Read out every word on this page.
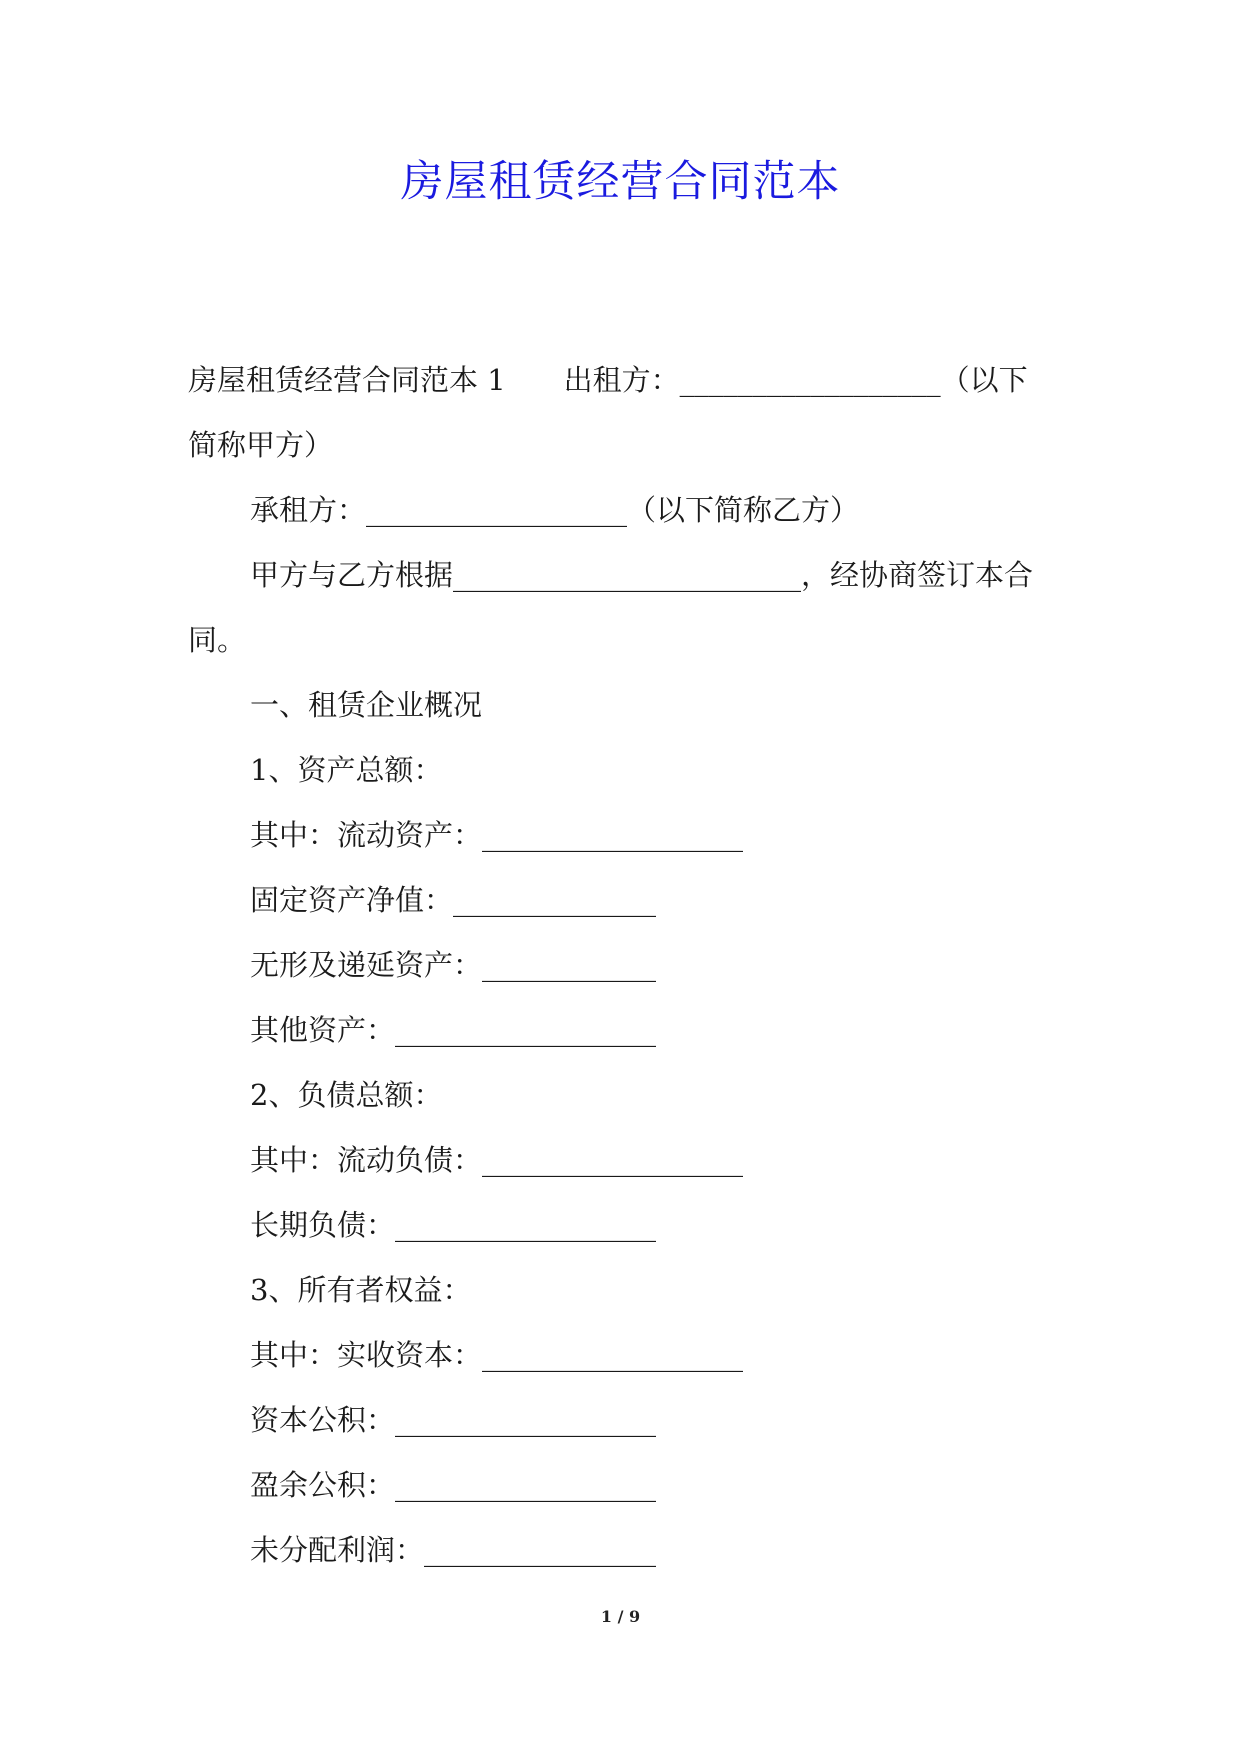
房屋租赁经营合同范本

房屋租赁经营合同范本 1　　出租方：__________________（以下简称甲方）

承租方：__________________（以下简称乙方）

甲方与乙方根据________________________，经协商签订本合同。

一、租赁企业概况

1、资产总额：

其中：流动资产：__________________

固定资产净值：______________

无形及递延资产：____________

其他资产：__________________

2、负债总额：

其中：流动负债：__________________

长期负债：__________________

3、所有者权益：

其中：实收资本：__________________

资本公积：__________________

盈余公积：__________________

未分配利润：________________

1 / 9
